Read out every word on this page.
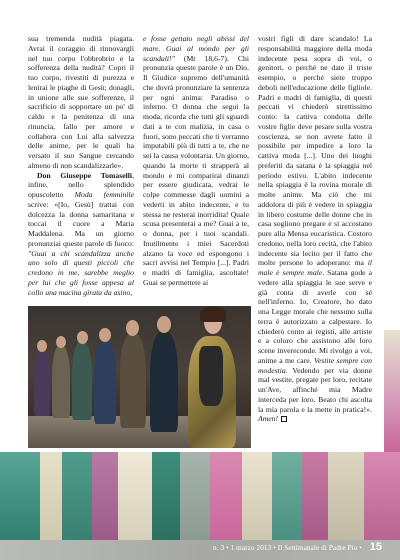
sua tremenda nudità piagata. Avrai il coraggio di rinnovargli nel tuo corpo l'obbrobrio e la sofferenza della nudità? Copri il tuo corpo, rivestiti di purezza e lenirai le piaghe di Gesù; donagli, in unione alle sue sofferenze, il sacrificio di sopportare un po' di caldo e la penitenza di una rinuncia, fallo per amore e collabora con Lui alla salvezza delle anime, per le quali ha versato il suo Sangue cercando almeno di non scandalizzarle».

Don Giuseppe Tomaselli, infine, nello splendido opuscoletto Moda femminile scrive: «[Io, Gesù] trattai con dolcezza la donna samaritana e toccai il cuore a Maria Maddalena. Ma un giorno pronunziai queste parole di fuoco: "Guai a chi scandalizza anche uno solo di questi piccoli che credono in me, sarebbe meglio per lui che gli fosse appesa al collo una macina girata da asino,

e fosse gettato negli abissi del mare. Guai al mondo per gli scandali!" (Mt 18,6-7). Chi pronunzia queste parole è un Dio. Il Giudice supremo dell'umanità che dovrà pronunziare la sentenza per ogni anima: Paradiso o inferno. O donna che segui la moda, ricorda che tutti gli sguardi dati a te con malizia, in casa o fuori, sono peccati che ti verranno imputabili più di tutti a te, che ne sei la causa volontaria. Un giorno, quando la morte ti strapperà al mondo e mi comparirai dinanzi per essere giudicata, vedrai le colpe commesse dagli uomini a vederti in abito indecente, e tu stessa ne resterai inorridita! Quale scusa presenterai a me? Guai a te, o donna, per i tuoi scandali. Inutilmente i miei Sacerdoti alzano la voce ed espongono i sacri avvisi nel Tempio [...]. Padri e madri di famiglia, ascoltate! Guai se permettete ai

vostri figli di dare scandalo! La responsabilità maggiore della moda indecente pesa sopra di voi, o genitori, o perché ne date il triste esempio, o perché siete troppo deboli nell'educazione delle figliole. Padri e madri di famiglia, di questi peccati vi chiederò strettissimo conto: la cattiva condotta delle vostre figlie deve pesare sulla vostra coscienza, se non avrete fatto il possibile per impedire a loro la cattiva moda [...]. Uno dei luoghi preferiti da satana è la spiaggia nel periodo estivo. L'abito indecente nella spiaggia è la rovina morale di molte anime. Ma ciò che mi addolora di più è vedere in spiaggia in libero costume delle donne che in casa sogliono pregare e si accostano pure alla Mensa eucaristica. Costoro credono, nella loro cecità, che l'abito indecente sia lecito per il fatto che molte persone lo adoperano: ma il male è sempre male. Satana gode a vedere alla spiaggia le sue serve e già conta di averle con sé nell'inferno. Io, Creatore, ho dato una Legge morale che nessuno sulla terra è autorizzato a calpestare. Io chiederò conto ai registi, alle artiste e a coloro che assistono alle loro scene invereconde. Mi rivolgo a voi, anime a me care. Vestite sempre con modestia. Vedendo per via donne mal vestite, pregate per loro, recitate un'Ave, affinché mia Madre interceda per loro. Beato chi ascolta la mia parola e la mette in pratica!». Amen!

n. 3 • 1 marzo 2013 • Il Settimanale di Padre Pio • 15
